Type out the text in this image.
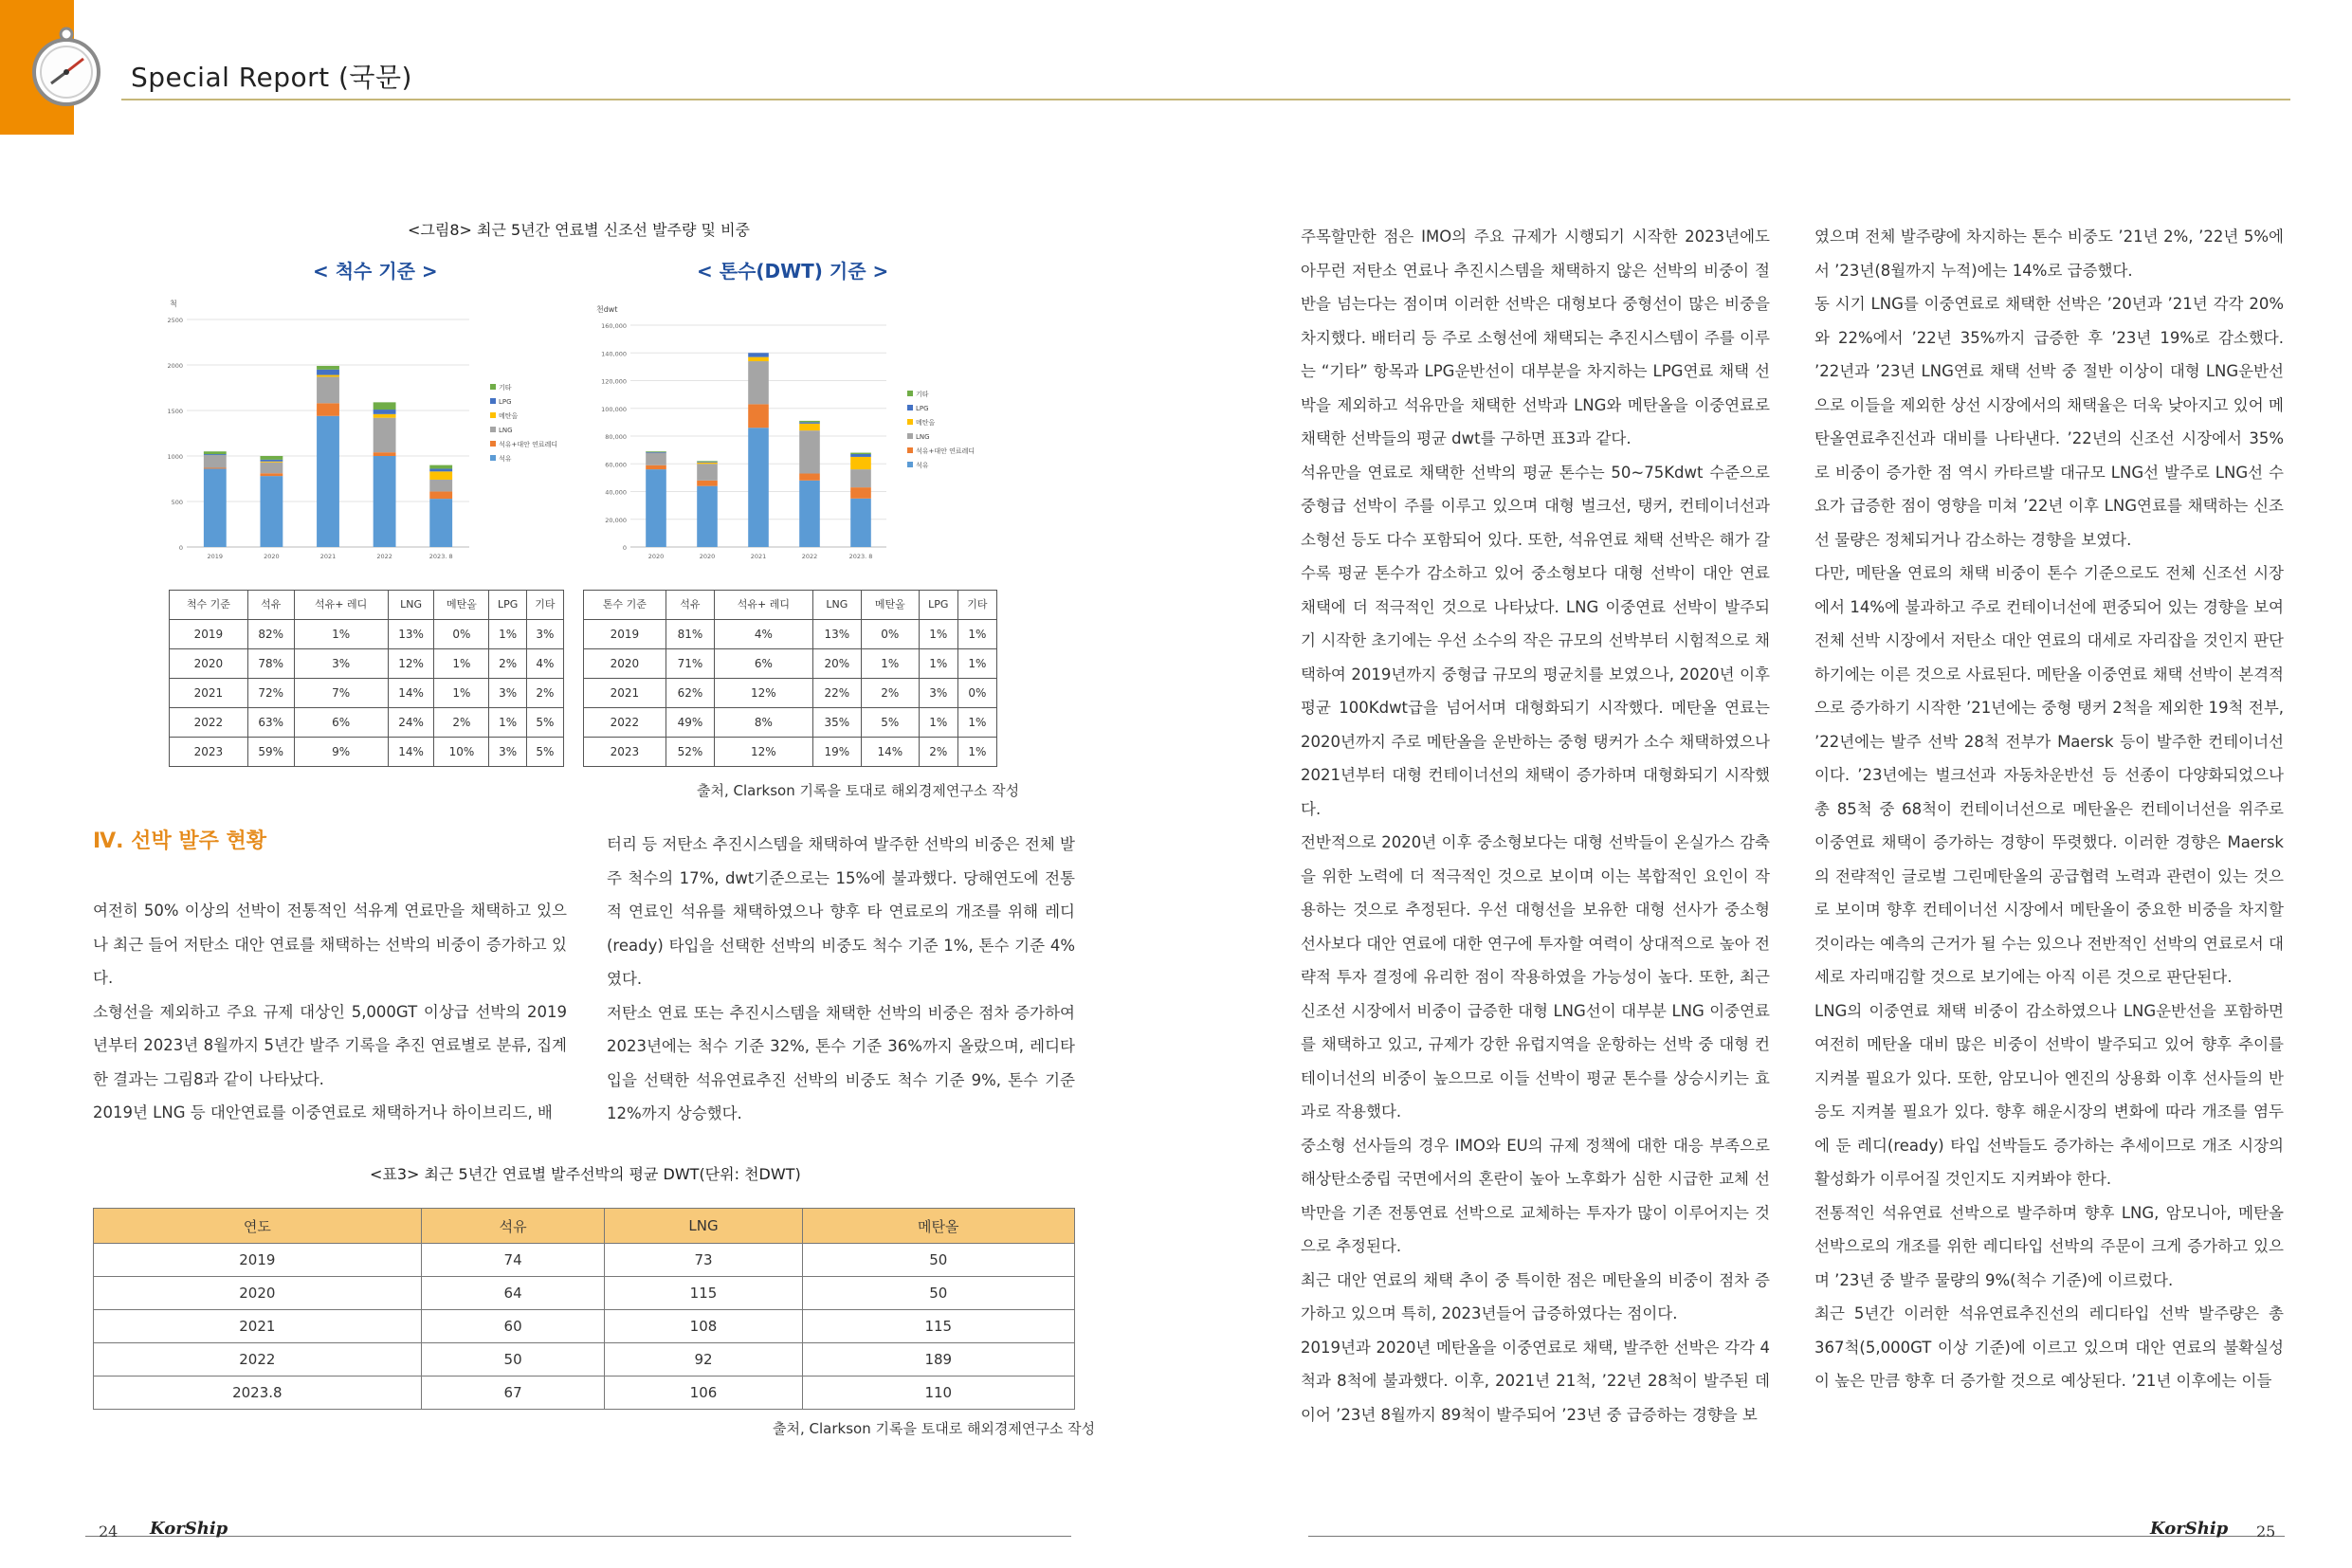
Special Report (국문)
<그림8> 최근 5년간 연료별 신조선 발주량 및 비중
< 척수 기준 >	< 톤수(DWT) 기준 >
척
0
500
1000
1500
2000
2500
2019	2020	2021	2022	2023. 8
기타
LPG
메탄올
LNG
석유+대안 연료레디
석유
천dwt
0
20,000
40,000
60,000
80,000
100,000
120,000
140,000
160,000
2020	2020	2021	2022	2023. 8
기타
LPG
메탄올
LNG
석유+대안 연료레디
석유
척수 기준	석유	석유+ 레디	LNG	메탄올	LPG	기타
2019	82%	1%	13%	0%	1%	3%
2020	78%	3%	12%	1%	2%	4%
2021	72%	7%	14%	1%	3%	2%
2022	63%	6%	24%	2%	1%	5%
2023	59%	9%	14%	10%	3%	5%
톤수 기준	석유	석유+ 레디	LNG	메탄올	LPG	기타
2019	81%	4%	13%	0%	1%	1%
2020	71%	6%	20%	1%	1%	1%
2021	62%	12%	22%	2%	3%	0%
2022	49%	8%	35%	5%	1%	1%
2023	52%	12%	19%	14%	2%	1%
출처, Clarkson 기록을 토대로 해외경제연구소 작성
Ⅳ. 선박 발주 현황

여전히 50% 이상의 선박이 전통적인 석유계 연료만을 채택하고 있으나 최근 들어 저탄소 대안 연료를 채택하는 선박의 비중이 증가하고 있다.

소형선을 제외하고 주요 규제 대상인 5,000GT 이상급 선박의 2019년부터 2023년 8월까지 5년간 발주 기록을 추진 연료별로 분류, 집계한 결과는 그림8과 같이 나타났다.

2019년 LNG 등 대안연료를 이중연료로 채택하거나 하이브리드, 배

터리 등 저탄소 추진시스템을 채택하여 발주한 선박의 비중은 전체 발주 척수의 17%, dwt기준으로는 15%에 불과했다. 당해연도에 전통적 연료인 석유를 채택하였으나 향후 타 연료로의 개조를 위해 레디(ready) 타입을 선택한 선박의 비중도 척수 기준 1%, 톤수 기준 4%였다.

저탄소 연료 또는 추진시스템을 채택한 선박의 비중은 점차 증가하여 2023년에는 척수 기준 32%, 톤수 기준 36%까지 올랐으며, 레디타입을 선택한 석유연료추진 선박의 비중도 척수 기준 9%, 톤수 기준 12%까지 상승했다.

<표3> 최근 5년간 연료별 발주선박의 평균 DWT(단위: 천DWT)
연도	석유	LNG	메탄올
2019	74	73	50
2020	64	115	50
2021	60	108	115
2022	50	92	189
2023.8	67	106	110
출처, Clarkson 기록을 토대로 해외경제연구소 작성

주목할만한 점은 IMO의 주요 규제가 시행되기 시작한 2023년에도 아무런 저탄소 연료나 추진시스템을 채택하지 않은 선박의 비중이 절반을 넘는다는 점이며 이러한 선박은 대형보다 중형선이 많은 비중을 차지했다. 배터리 등 주로 소형선에 채택되는 추진시스템이 주를 이루는 “기타” 항목과 LPG운반선이 대부분을 차지하는 LPG연료 채택 선박을 제외하고 석유만을 채택한 선박과 LNG와 메탄올을 이중연료로 채택한 선박들의 평균 dwt를 구하면 표3과 같다.

석유만을 연료로 채택한 선박의 평균 톤수는 50~75Kdwt 수준으로 중형급 선박이 주를 이루고 있으며 대형 벌크선, 탱커, 컨테이너선과 소형선 등도 다수 포함되어 있다. 또한, 석유연료 채택 선박은 해가 갈수록 평균 톤수가 감소하고 있어 중소형보다 대형 선박이 대안 연료 채택에 더 적극적인 것으로 나타났다. LNG 이중연료 선박이 발주되기 시작한 초기에는 우선 소수의 작은 규모의 선박부터 시험적으로 채택하여 2019년까지 중형급 규모의 평균치를 보였으나, 2020년 이후 평균 100Kdwt급을 넘어서며 대형화되기 시작했다. 메탄올 연료는 2020년까지 주로 메탄올을 운반하는 중형 탱커가 소수 채택하였으나 2021년부터 대형 컨테이너선의 채택이 증가하며 대형화되기 시작했다.

전반적으로 2020년 이후 중소형보다는 대형 선박들이 온실가스 감축을 위한 노력에 더 적극적인 것으로 보이며 이는 복합적인 요인이 작용하는 것으로 추정된다. 우선 대형선을 보유한 대형 선사가 중소형 선사보다 대안 연료에 대한 연구에 투자할 여력이 상대적으로 높아 전략적 투자 결정에 유리한 점이 작용하였을 가능성이 높다. 또한, 최근 신조선 시장에서 비중이 급증한 대형 LNG선이 대부분 LNG 이중연료를 채택하고 있고, 규제가 강한 유럽지역을 운항하는 선박 중 대형 컨테이너선의 비중이 높으므로 이들 선박이 평균 톤수를 상승시키는 효과로 작용했다.

중소형 선사들의 경우 IMO와 EU의 규제 정책에 대한 대응 부족으로 해상탄소중립 국면에서의 혼란이 높아 노후화가 심한 시급한 교체 선박만을 기존 전통연료 선박으로 교체하는 투자가 많이 이루어지는 것으로 추정된다.

최근 대안 연료의 채택 추이 중 특이한 점은 메탄올의 비중이 점차 증가하고 있으며 특히, 2023년들어 급증하였다는 점이다.

2019년과 2020년 메탄올을 이중연료로 채택, 발주한 선박은 각각 4척과 8척에 불과했다. 이후, 2021년 21척, ’22년 28척이 발주된 데 이어 ’23년 8월까지 89척이 발주되어 ’23년 중 급증하는 경향을 보

였으며 전체 발주량에 차지하는 톤수 비중도 ’21년 2%, ’22년 5%에서 ’23년(8월까지 누적)에는 14%로 급증했다.

동 시기 LNG를 이중연료로 채택한 선박은 ’20년과 ’21년 각각 20%와 22%에서 ’22년 35%까지 급증한 후 ’23년 19%로 감소했다. ’22년과 ’23년 LNG연료 채택 선박 중 절반 이상이 대형 LNG운반선으로 이들을 제외한 상선 시장에서의 채택율은 더욱 낮아지고 있어 메탄올연료추진선과 대비를 나타낸다. ’22년의 신조선 시장에서 35%로 비중이 증가한 점 역시 카타르발 대규모 LNG선 발주로 LNG선 수요가 급증한 점이 영향을 미쳐 ’22년 이후 LNG연료를 채택하는 신조선 물량은 정체되거나 감소하는 경향을 보였다.

다만, 메탄올 연료의 채택 비중이 톤수 기준으로도 전체 신조선 시장에서 14%에 불과하고 주로 컨테이너선에 편중되어 있는 경향을 보여 전체 선박 시장에서 저탄소 대안 연료의 대세로 자리잡을 것인지 판단하기에는 이른 것으로 사료된다. 메탄올 이중연료 채택 선박이 본격적으로 증가하기 시작한 ’21년에는 중형 탱커 2척을 제외한 19척 전부, ’22년에는 발주 선박 28척 전부가 Maersk 등이 발주한 컨테이너선이다. ’23년에는 벌크선과 자동차운반선 등 선종이 다양화되었으나 총 85척 중 68척이 컨테이너선으로 메탄올은 컨테이너선을 위주로 이중연료 채택이 증가하는 경향이 뚜렷했다. 이러한 경향은 Maersk의 전략적인 글로벌 그린메탄올의 공급협력 노력과 관련이 있는 것으로 보이며 향후 컨테이너선 시장에서 메탄올이 중요한 비중을 차지할 것이라는 예측의 근거가 될 수는 있으나 전반적인 선박의 연료로서 대세로 자리매김할 것으로 보기에는 아직 이른 것으로 판단된다.

LNG의 이중연료 채택 비중이 감소하였으나 LNG운반선을 포함하면 여전히 메탄올 대비 많은 비중이 선박이 발주되고 있어 향후 추이를 지켜볼 필요가 있다. 또한, 암모니아 엔진의 상용화 이후 선사들의 반응도 지켜볼 필요가 있다. 향후 해운시장의 변화에 따라 개조를 염두에 둔 레디(ready) 타입 선박들도 증가하는 추세이므로 개조 시장의 활성화가 이루어질 것인지도 지켜봐야 한다.

전통적인 석유연료 선박으로 발주하며 향후 LNG, 암모니아, 메탄올 선박으로의 개조를 위한 레디타입 선박의 주문이 크게 증가하고 있으며 ’23년 중 발주 물량의 9%(척수 기준)에 이르렀다.

최근 5년간 이러한 석유연료추진선의 레디타입 선박 발주량은 총 367척(5,000GT 이상 기준)에 이르고 있으며 대안 연료의 불확실성이 높은 만큼 향후 더 증가할 것으로 예상된다. ’21년 이후에는 이들

24 KorShip	KorShip 25
